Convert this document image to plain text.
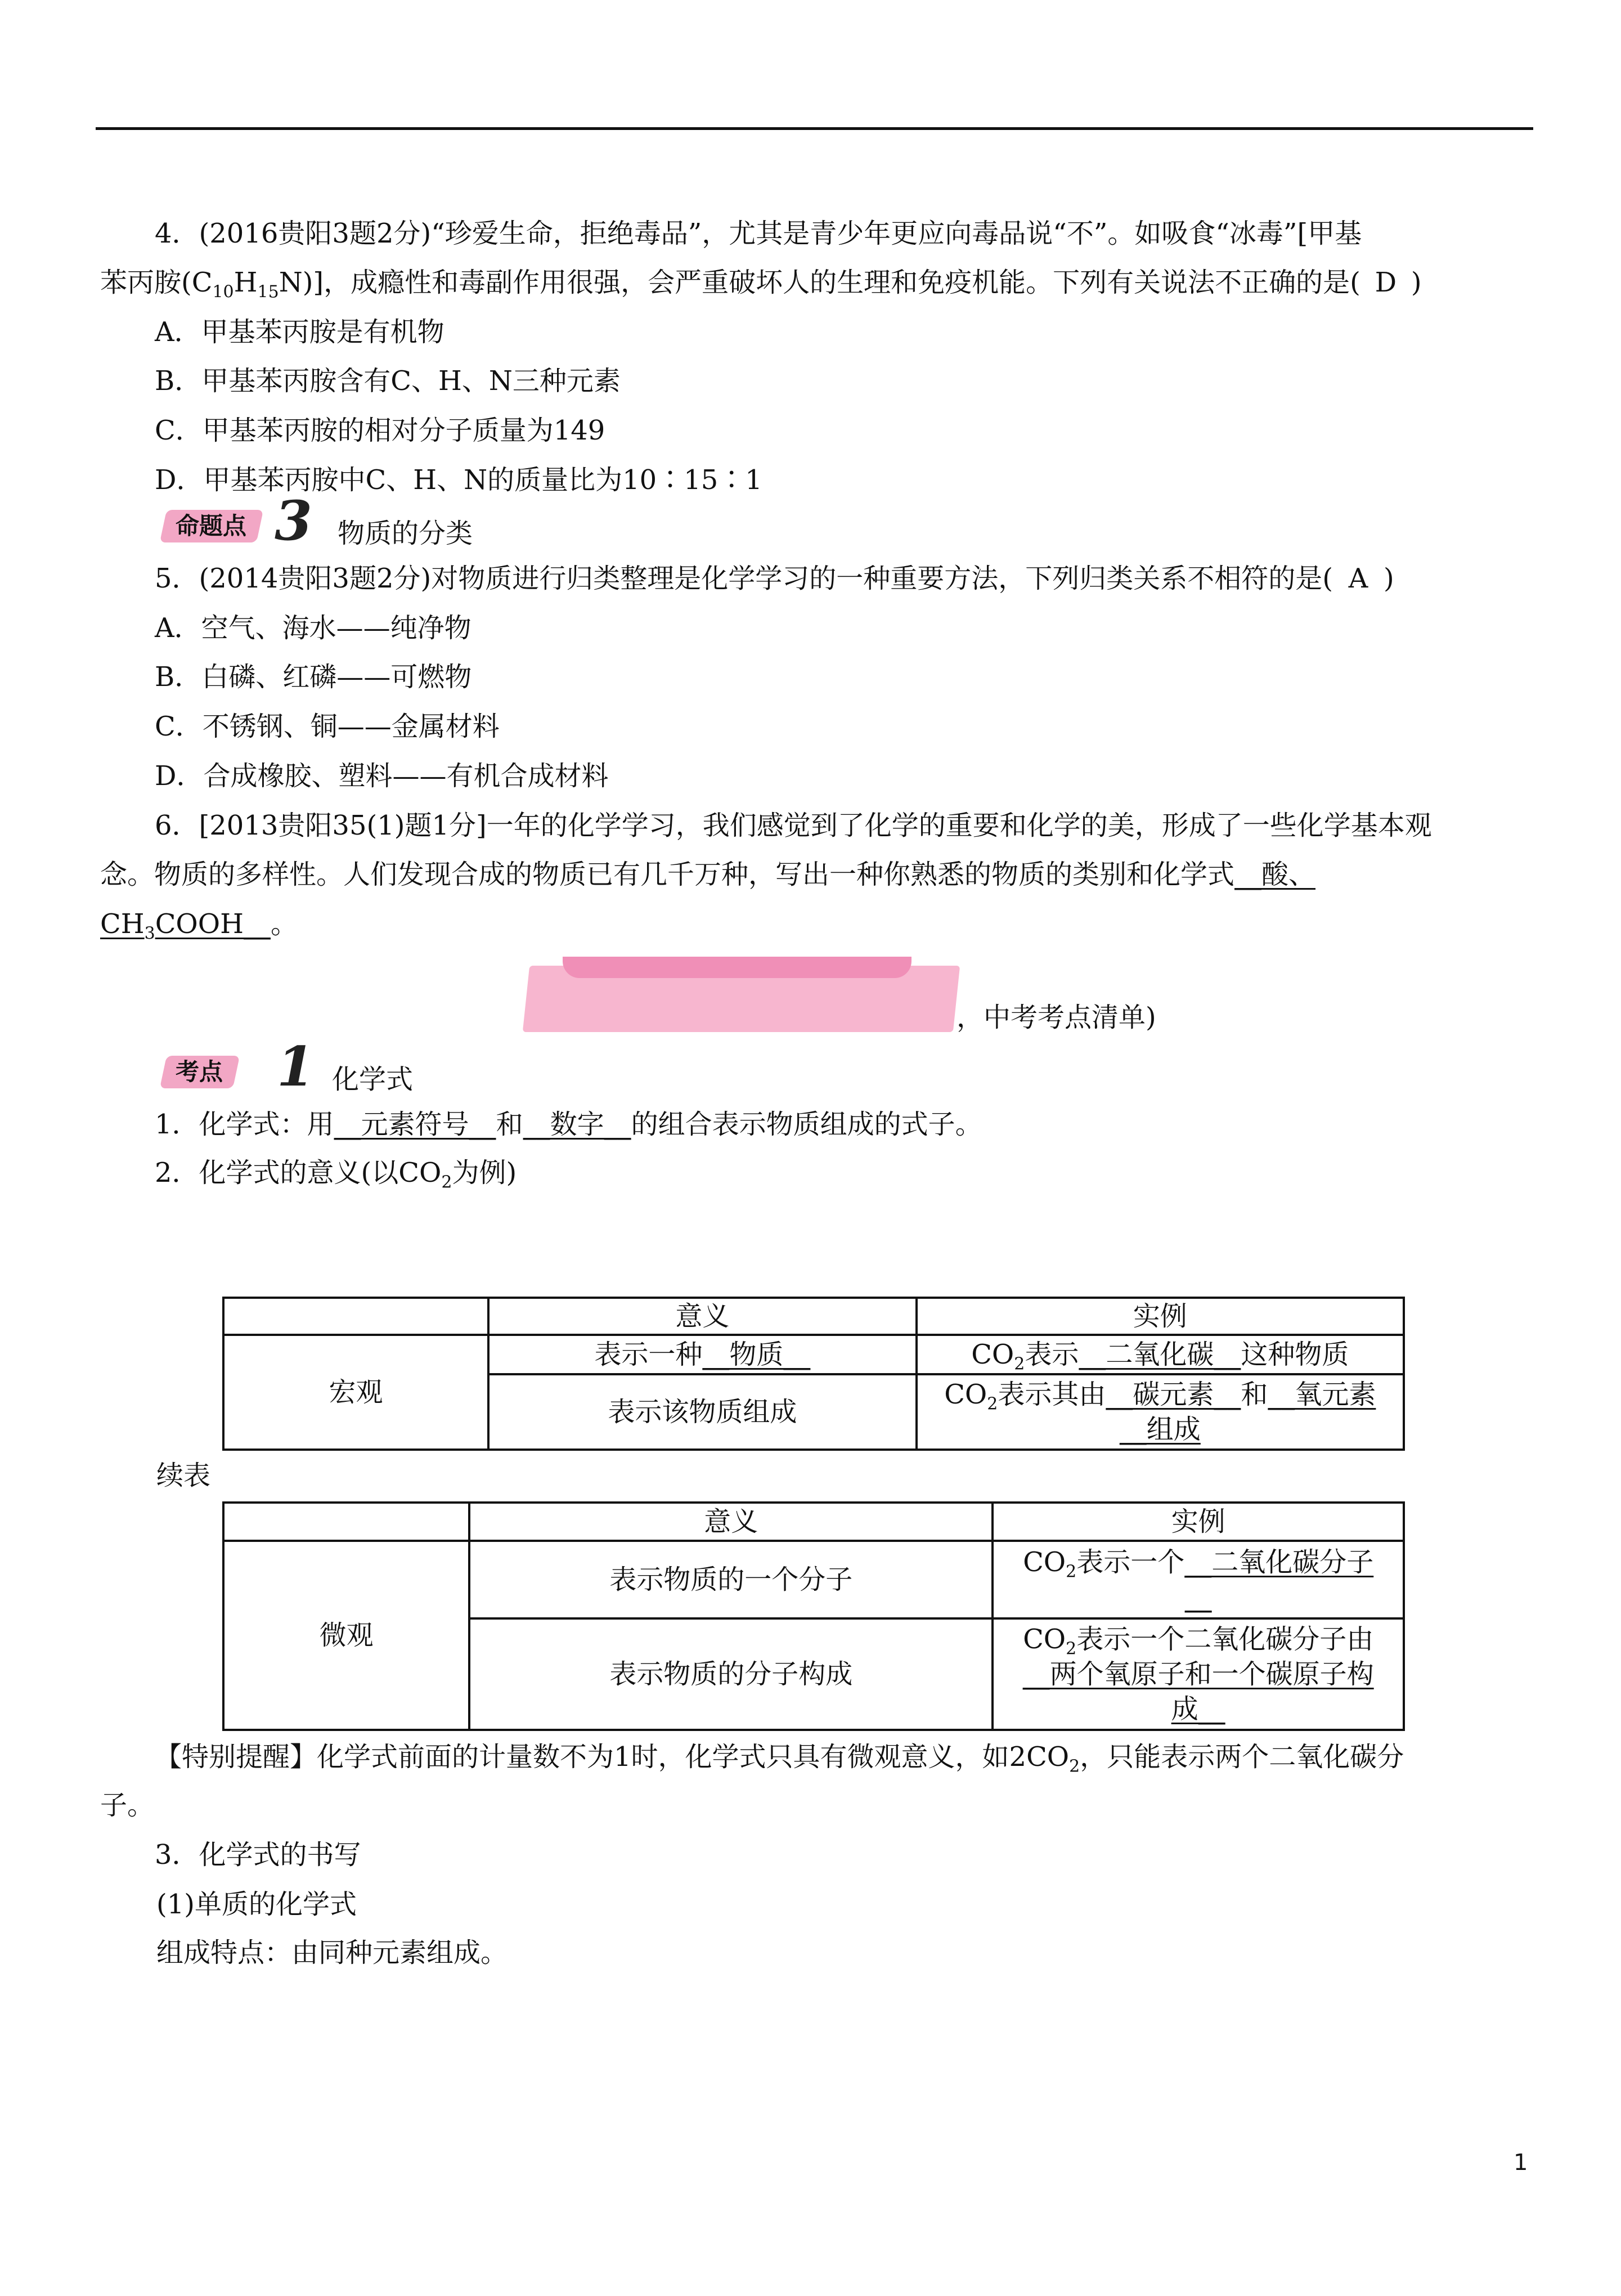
4．(2016贵阳3题2分)“珍爱生命，拒绝毒品”，尤其是青少年更应向毒品说“不”。如吸食“冰毒”[甲基
苯丙胺$(C_{10}H_{15}N)$]，成瘾性和毒副作用很强，会严重破坏人的生理和免疫机能。下列有关说法不正确的是( D )
A．甲基苯丙胺是有机物
B．甲基苯丙胺含有C、H、N三种元素
C．甲基苯丙胺的相对分子质量为149
D．甲基苯丙胺中C、H、N的质量比为10∶15∶1
命题点 3 物质的分类
5．(2014贵阳3题2分)对物质进行归类整理是化学学习的一种重要方法，下列归类关系不相符的是( A )
A．空气、海水——纯净物
B．白磷、红磷——可燃物
C．不锈钢、铜——金属材料
D．合成橡胶、塑料——有机合成材料
6．[2013贵阳35(1)题1分]一年的化学学习，我们感觉到了化学的重要和化学的美，形成了一些化学基本观
念。物质的多样性。人们发现合成的物质已有几千万种，写出一种你熟悉的物质的类别和化学式__酸、
$CH_3COOH\_\_$。
，中考考点清单)
考点 1 化学式
1．化学式：用__元素符号__和__数字__的组合表示物质组成的式子。
2．化学式的意义(以$CO_2$为例)
	意义	实例
宏观	表示一种__物质__	$CO_2$表示__二氧化碳__这种物质
	表示该物质组成	$CO_2$表示其由__碳元素__和__氧元素
__组成
续表
	意义	实例
微观	表示物质的一个分子	$CO_2$表示一个__二氧化碳分子
__
	表示物质的分子构成	$CO_2$表示一个二氧化碳分子由
__两个氧原子和一个碳原子构
成__
【特别提醒】化学式前面的计量数不为1时，化学式只具有微观意义，如$2CO_2$，只能表示两个二氧化碳分
子。
3．化学式的书写
(1)单质的化学式
组成特点：由同种元素组成。
1
